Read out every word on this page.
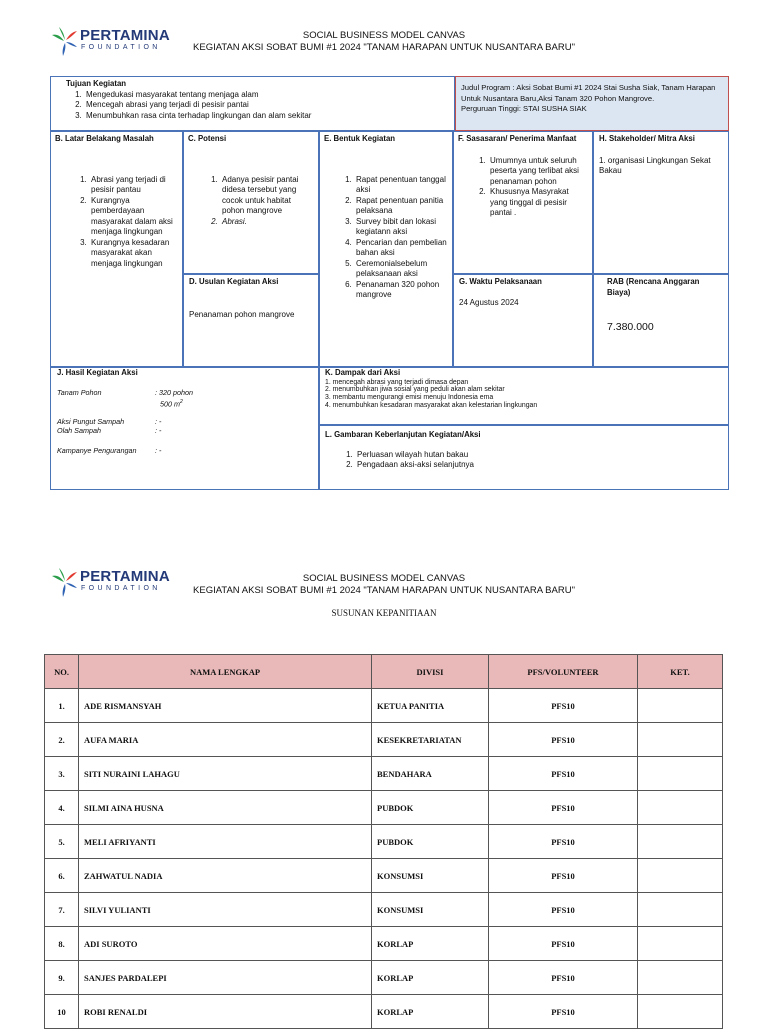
PERTAMINA
FOUNDATION
SOCIAL BUSINESS MODEL CANVAS
KEGIATAN AKSI SOBAT BUMI #1 2024 "TANAM HARAPAN UNTUK NUSANTARA BARU"
Tujuan Kegiatan
1. Mengedukasi masyarakat tentang menjaga alam
2. Mencegah abrasi yang terjadi di pesisir pantai
3. Menumbuhkan rasa cinta terhadap lingkungan dan alam sekitar
Judul Program : Aksi Sobat Bumi #1 2024 Stai Susha Siak, Tanam Harapan Untuk Nusantara Baru,Aksi Tanam 320 Pohon Mangrove.
Perguruan Tinggi: STAI SUSHA SIAK
B. Latar Belakang Masalah
1. Abrasi yang terjadi di pesisir pantau
2. Kurangnya pemberdayaan masyarakat dalam aksi menjaga lingkungan
3. Kurangnya kesadaran masyarakat akan menjaga lingkungan
C. Potensi
1. Adanya pesisir pantai didesa tersebut yang cocok untuk habitat pohon mangrove
2. Abrasi.
D. Usulan Kegiatan Aksi
Penanaman pohon mangrove
E. Bentuk Kegiatan
1. Rapat penentuan tanggal aksi
2. Rapat penentuan panitia pelaksana
3. Survey bibit dan lokasi kegiatann aksi
4. Pencarian dan pembelian bahan aksi
5. Ceremonialsebelum pelaksanaan aksi
6. Penanaman 320 pohon mangrove
F. Sasasaran/ Penerima Manfaat
1. Umumnya untuk seluruh peserta yang terlibat aksi penanaman pohon
2. Khususnya Masyrakat yang tinggal di pesisir pantai .
H. Stakeholder/ Mitra Aksi
1. organisasi Lingkungan Sekat Bakau
G. Waktu Pelaksanaan
24 Agustus 2024
RAB (Rencana Anggaran Biaya)
7.380.000
J. Hasil Kegiatan Aksi
Tanam Pohon	: 320 pohon
500 $m^2$
Aksi Pungut Sampah	: -
Olah Sampah	: -
Kampanye Pengurangan	: -
K. Dampak dari Aksi
1. mencegah abrasi yang terjadi dimasa depan
2. menumbuhkan jiwa sosial yang peduli akan alam sekitar
3. membantu mengurangi emisi menuju Indonesia ema
4. menumbuhkan kesadaran masyarakat akan kelestarian lingkungan
L. Gambaran Keberlanjutan Kegiatan/Aksi
1. Perluasan wilayah hutan bakau
2. Pengadaan aksi-aksi selanjutnya
PERTAMINA
FOUNDATION
SOCIAL BUSINESS MODEL CANVAS
KEGIATAN AKSI SOBAT BUMI #1 2024 "TANAM HARAPAN UNTUK NUSANTARA BARU"
SUSUNAN KEPANITIAAN
NO.	NAMA LENGKAP	DIVISI	PFS/VOLUNTEER	KET.
1.	ADE RISMANSYAH	KETUA PANITIA	PFS10	
2.	AUFA MARIA	KESEKRETARIATAN	PFS10	
3.	SITI NURAINI LAHAGU	BENDAHARA	PFS10	
4.	SILMI AINA HUSNA	PUBDOK	PFS10	
5.	MELI AFRIYANTI	PUBDOK	PFS10	
6.	ZAHWATUL NADIA	KONSUMSI	PFS10	
7.	SILVI YULIANTI	KONSUMSI	PFS10	
8.	ADI SUROTO	KORLAP	PFS10	
9.	SANJES PARDALEPI	KORLAP	PFS10	
10	ROBI RENALDI	KORLAP	PFS10	
